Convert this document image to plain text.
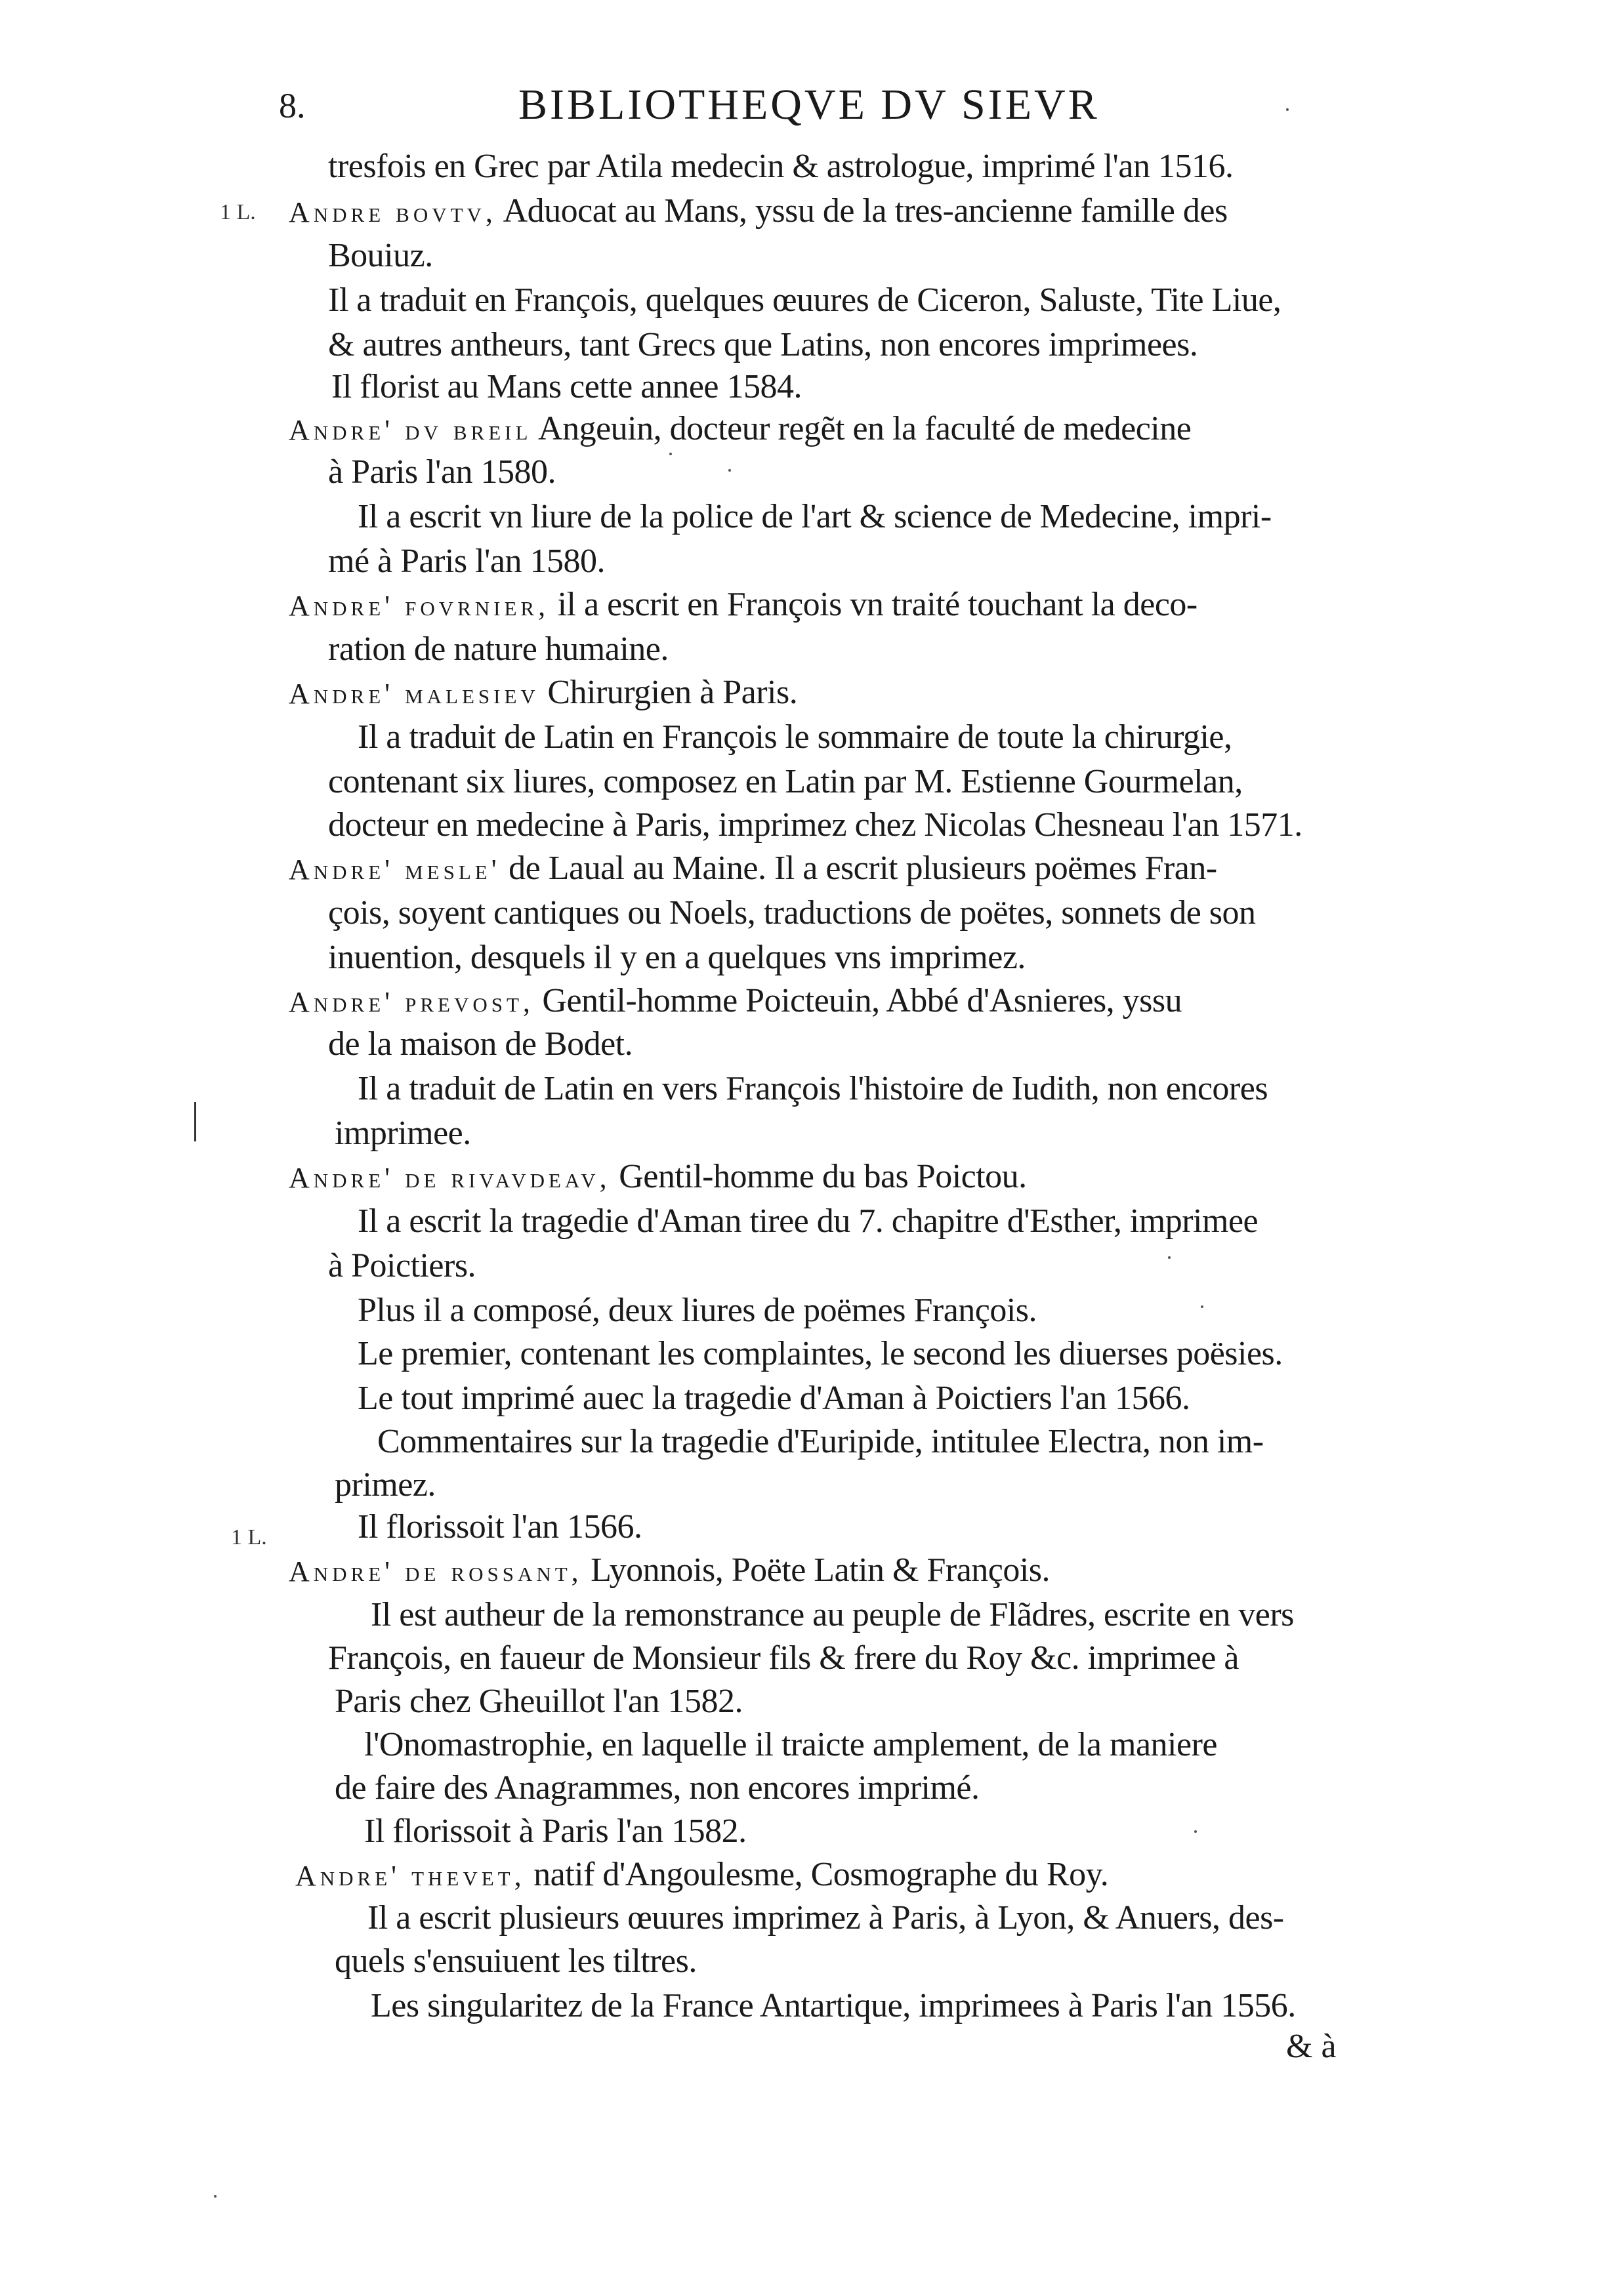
8.	BIBLIOTHEQVE DV SIEVR
1 L.
1 L.
tresfois en Grec par Atila medecin & astrologue, imprimé l'an 1516.
Andre bovtv, Aduocat au Mans, yssu de la tres-ancienne famille des
Bouiuz.
Il a traduit en François, quelques œuures de Ciceron, Saluste, Tite Liue,
& autres antheurs, tant Grecs que Latins, non encores imprimees.
Il florist au Mans cette annee 1584.
Andre' dv breil Angeuin, docteur regẽt en la faculté de medecine
à Paris l'an 1580.
Il a escrit vn liure de la police de l'art & science de Medecine, impri-
mé à Paris l'an 1580.
Andre' fovrnier, il a escrit en François vn traité touchant la deco-
ration de nature humaine.
Andre' malesiev Chirurgien à Paris.
Il a traduit de Latin en François le sommaire de toute la chirurgie,
contenant six liures, composez en Latin par M. Estienne Gourmelan,
docteur en medecine à Paris, imprimez chez Nicolas Chesneau l'an 1571.
Andre' mesle' de Laual au Maine. Il a escrit plusieurs poëmes Fran-
çois, soyent cantiques ou Noels, traductions de poëtes, sonnets de son
inuention, desquels il y en a quelques vns imprimez.
Andre' prevost, Gentil-homme Poicteuin, Abbé d'Asnieres, yssu
de la maison de Bodet.
Il a traduit de Latin en vers François l'histoire de Iudith, non encores
imprimee.
Andre' de rivavdeav, Gentil-homme du bas Poictou.
Il a escrit la tragedie d'Aman tiree du 7. chapitre d'Esther, imprimee
à Poictiers.
Plus il a composé, deux liures de poëmes François.
Le premier, contenant les complaintes, le second les diuerses poësies.
Le tout imprimé auec la tragedie d'Aman à Poictiers l'an 1566.
Commentaires sur la tragedie d'Euripide, intitulee Electra, non im-
primez.
Il florissoit l'an 1566.
Andre' de rossant, Lyonnois, Poëte Latin & François.
Il est autheur de la remonstrance au peuple de Flãdres, escrite en vers
François, en faueur de Monsieur fils & frere du Roy &c. imprimee à
Paris chez Gheuillot l'an 1582.
l'Onomastrophie, en laquelle il traicte amplement, de la maniere
de faire des Anagrammes, non encores imprimé.
Il florissoit à Paris l'an 1582.
Andre' thevet, natif d'Angoulesme, Cosmographe du Roy.
Il a escrit plusieurs œuures imprimez à Paris, à Lyon, & Anuers, des-
quels s'ensuiuent les tiltres.
Les singularitez de la France Antartique, imprimees à Paris l'an 1556.
& à
